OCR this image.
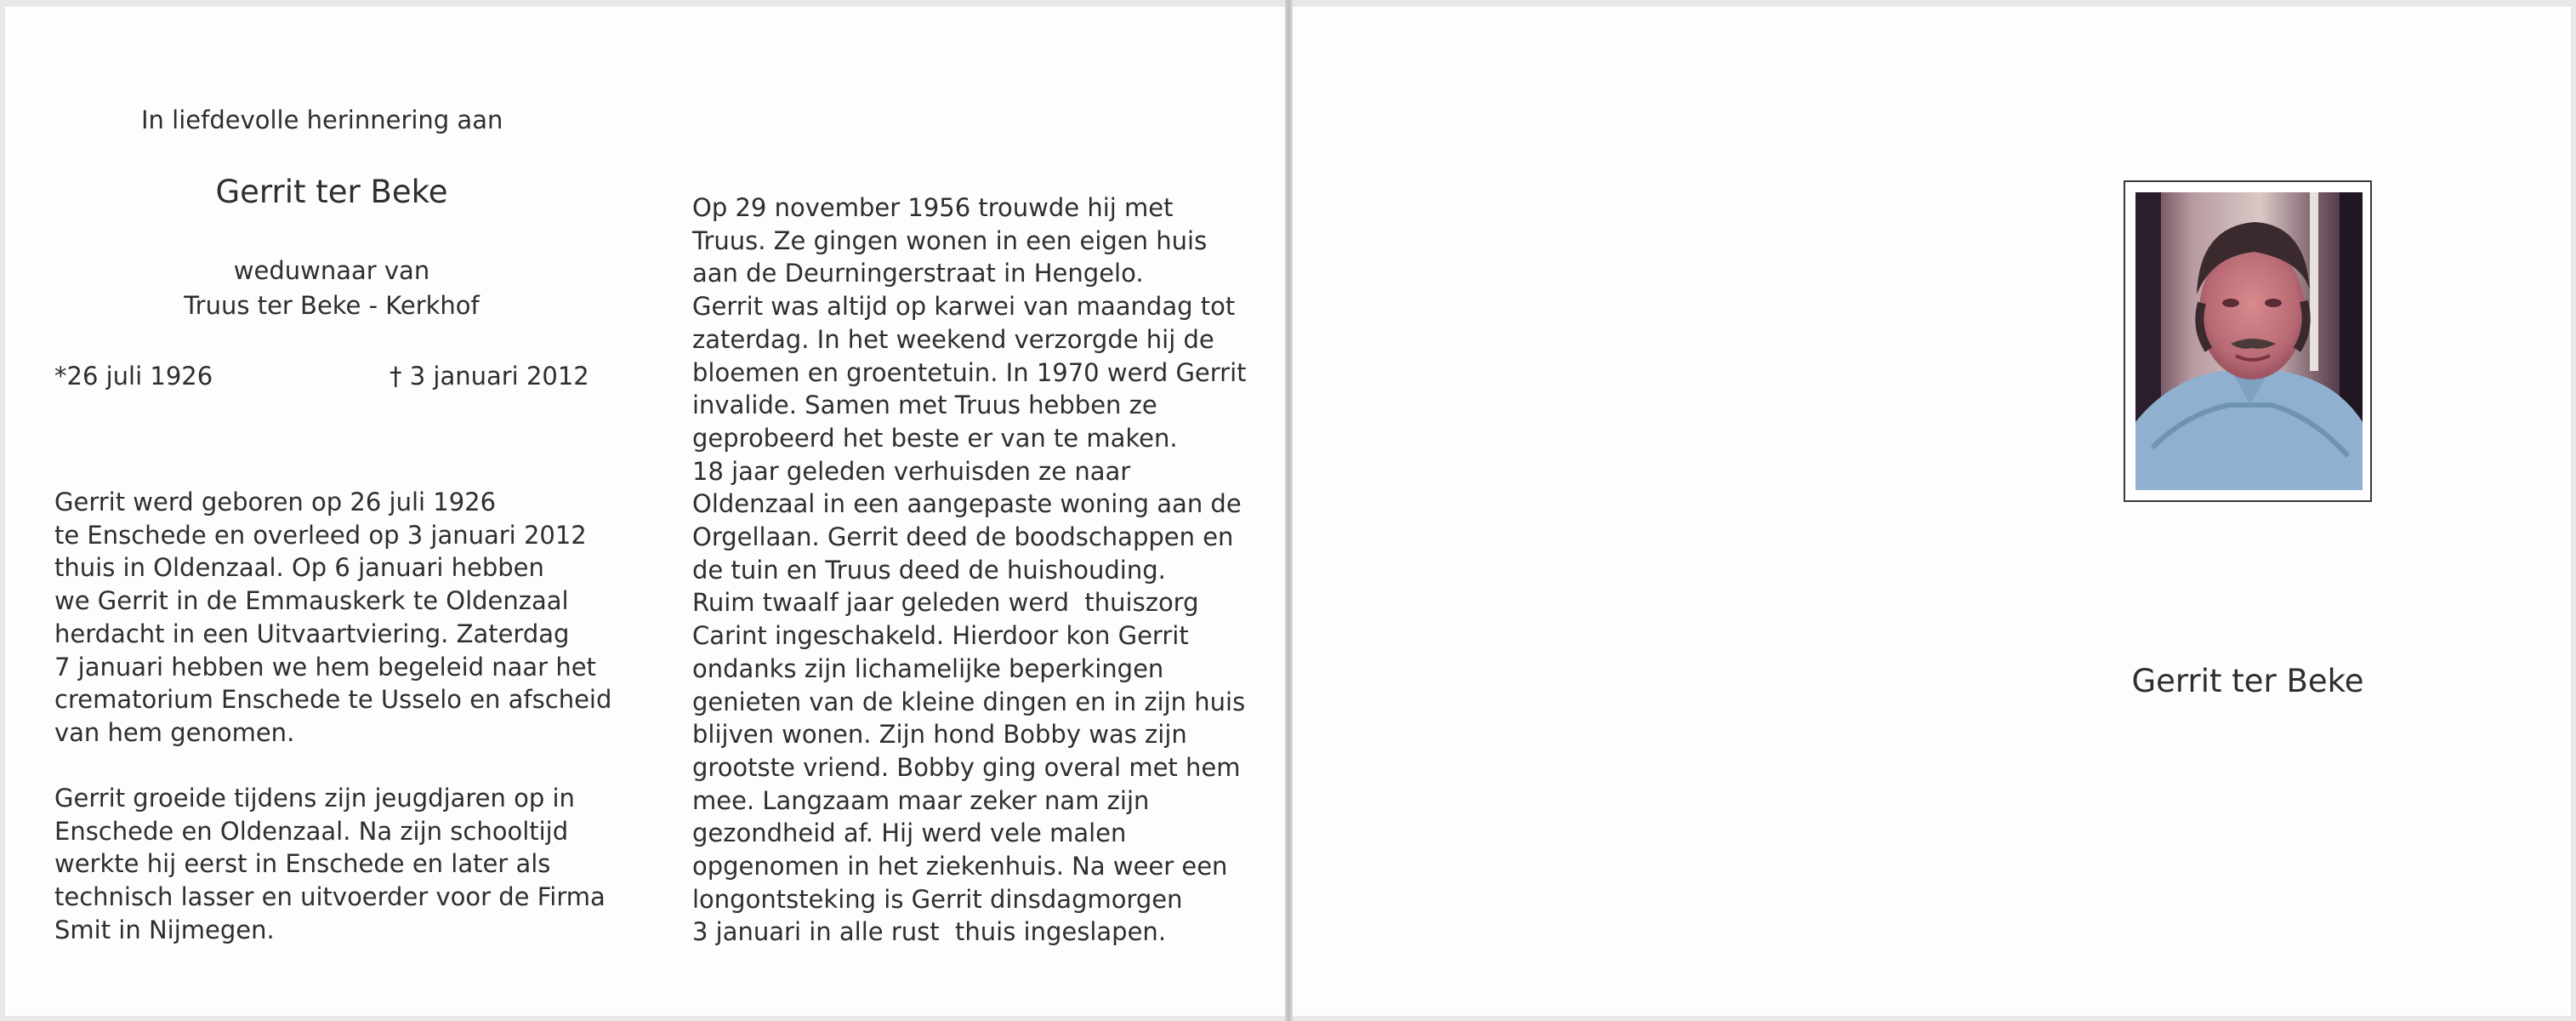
In liefdevolle herinnering aan

Gerrit ter Beke

weduwnaar van

Truus ter Beke - Kerkhof

*26 juli 1926	† 3 januari 2012

Gerrit werd geboren op 26 juli 1926

te Enschede en overleed op 3 januari 2012

thuis in Oldenzaal. Op 6 januari hebben

we Gerrit in de Emmauskerk te Oldenzaal

herdacht in een Uitvaartviering. Zaterdag

7 januari hebben we hem begeleid naar het

crematorium Enschede te Usselo en afscheid

van hem genomen.

Gerrit groeide tijdens zijn jeugdjaren op in

Enschede en Oldenzaal. Na zijn schooltijd

werkte hij eerst in Enschede en later als

technisch lasser en uitvoerder voor de Firma

Smit in Nijmegen.

Op 29 november 1956 trouwde hij met

Truus. Ze gingen wonen in een eigen huis

aan de Deurningerstraat in Hengelo.

Gerrit was altijd op karwei van maandag tot

zaterdag. In het weekend verzorgde hij de

bloemen en groentetuin. In 1970 werd Gerrit

invalide. Samen met Truus hebben ze

geprobeerd het beste er van te maken.

18 jaar geleden verhuisden ze naar

Oldenzaal in een aangepaste woning aan de

Orgellaan. Gerrit deed de boodschappen en

de tuin en Truus deed de huishouding.

Ruim twaalf jaar geleden werd  thuiszorg

Carint ingeschakeld. Hierdoor kon Gerrit

ondanks zijn lichamelijke beperkingen

genieten van de kleine dingen en in zijn huis

blijven wonen. Zijn hond Bobby was zijn

grootste vriend. Bobby ging overal met hem

mee. Langzaam maar zeker nam zijn

gezondheid af. Hij werd vele malen

opgenomen in het ziekenhuis. Na weer een

longontsteking is Gerrit dinsdagmorgen

3 januari in alle rust  thuis ingeslapen.

Gerrit ter Beke
